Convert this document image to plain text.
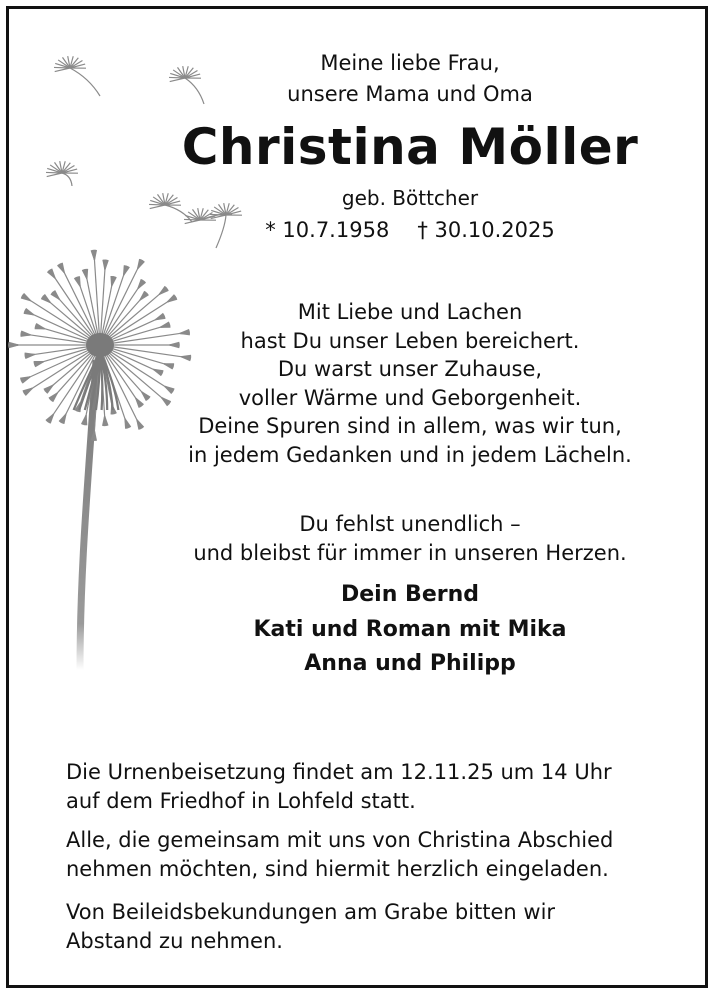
Meine liebe Frau,
unsere Mama und Oma
Christina Möller
geb. Böttcher
* 10.7.1958 † 30.10.2025
Mit Liebe und Lachen
hast Du unser Leben bereichert.
Du warst unser Zuhause,
voller Wärme und Geborgenheit.
Deine Spuren sind in allem, was wir tun,
in jedem Gedanken und in jedem Lächeln.
Du fehlst unendlich –
und bleibst für immer in unseren Herzen.
Dein Bernd
Kati und Roman mit Mika
Anna und Philipp
Die Urnenbeisetzung findet am 12.11.25 um 14 Uhr
auf dem Friedhof in Lohfeld statt.
Alle, die gemeinsam mit uns von Christina Abschied
nehmen möchten, sind hiermit herzlich eingeladen.
Von Beileidsbekundungen am Grabe bitten wir
Abstand zu nehmen.
